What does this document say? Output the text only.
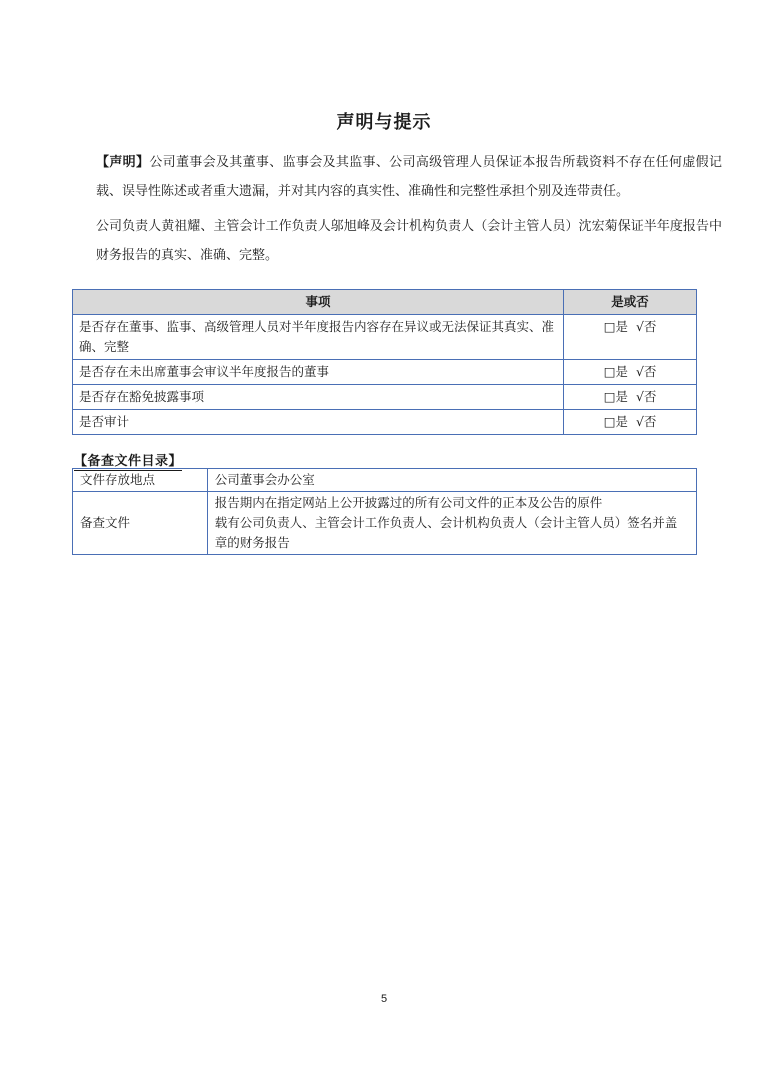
声明与提示
【声明】公司董事会及其董事、监事会及其监事、公司高级管理人员保证本报告所载资料不存在任何虚假记载、误导性陈述或者重大遗漏，并对其内容的真实性、准确性和完整性承担个别及连带责任。
公司负责人黄祖耀、主管会计工作负责人邬旭峰及会计机构负责人（会计主管人员）沈宏菊保证半年度报告中财务报告的真实、准确、完整。
事项	是或否
是否存在董事、监事、高级管理人员对半年度报告内容存在异议或无法保证其真实、准确、完整	□是 √否
是否存在未出席董事会审议半年度报告的董事	□是 √否
是否存在豁免披露事项	□是 √否
是否审计	□是 √否
【备查文件目录】
文件存放地点	公司董事会办公室
备查文件	报告期内在指定网站上公开披露过的所有公司文件的正本及公告的原件
载有公司负责人、主管会计工作负责人、会计机构负责人（会计主管人员）签名并盖章的财务报告
5
